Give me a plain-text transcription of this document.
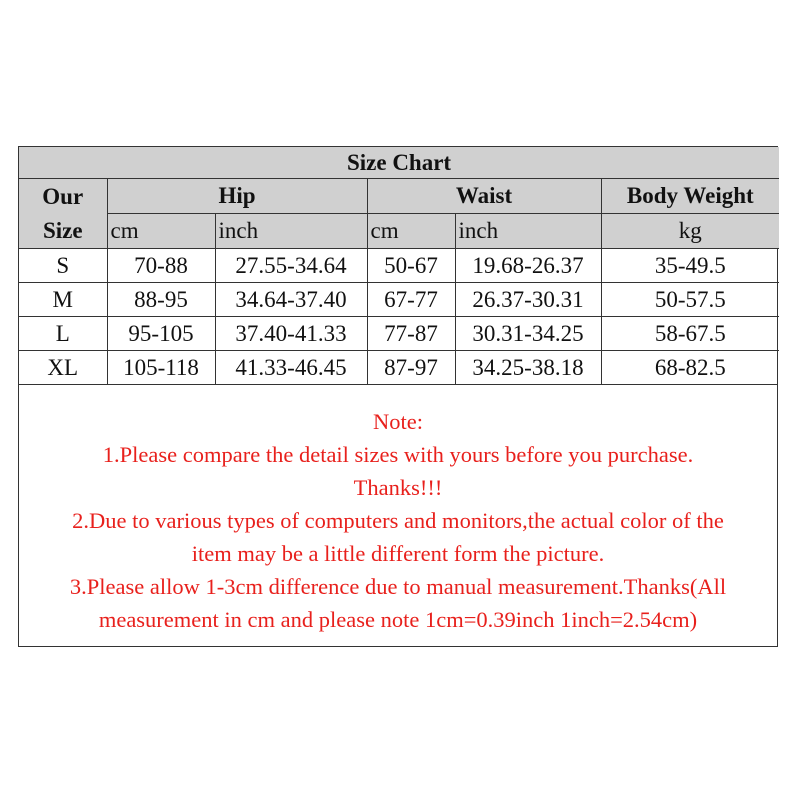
Size Chart					

Our
Size	Hip		Waist		Body Weight
	cm	inch	cm	inch	kg
S	70-88	27.55-34.64	50-67	19.68-26.37	35-49.5
M	88-95	34.64-37.40	67-77	26.37-30.31	50-57.5
L	95-105	37.40-41.33	77-87	30.31-34.25	58-67.5
XL	105-118	41.33-46.45	87-97	34.25-38.18	68-82.5

Note:

1.Please compare the detail sizes with yours before you purchase.

Thanks!!!

2.Due to various types of computers and monitors,the actual color of the

item may be a little different form the picture.

3.Please allow 1-3cm difference due to manual measurement.Thanks(All

measurement in cm and please note 1cm=0.39inch 1inch=2.54cm)
